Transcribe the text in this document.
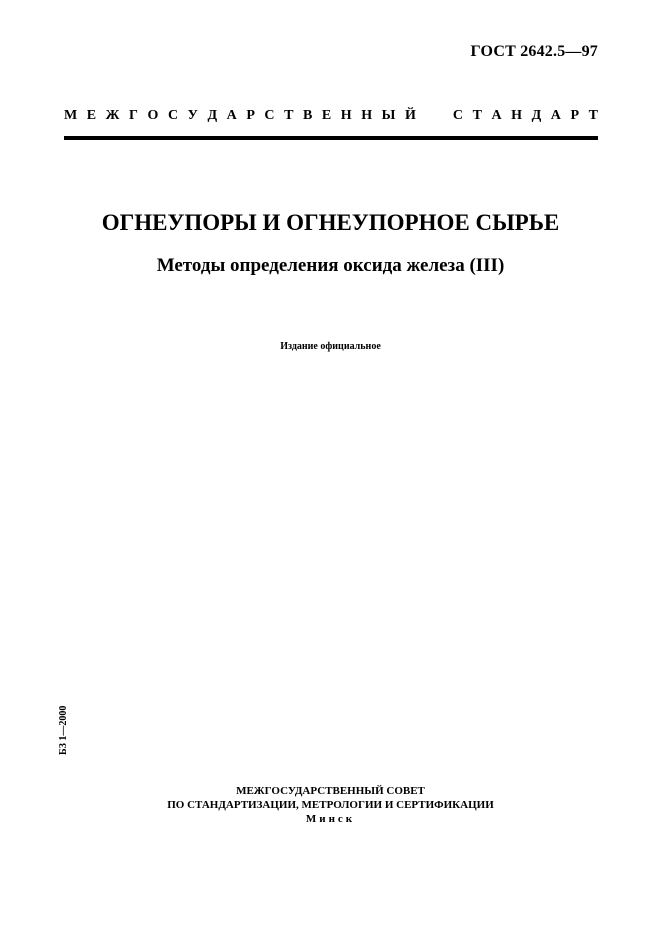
ГОСТ 2642.5—97
М Е Ж Г О С У Д А Р С Т В Е Н Н Ы Й	С Т А Н Д А Р Т
ОГНЕУПОРЫ И ОГНЕУПОРНОЕ СЫРЬЕ
Методы определения оксида железа (III)
Издание официальное
БЗ 1—2000
МЕЖГОСУДАРСТВЕННЫЙ СОВЕТ
ПО СТАНДАРТИЗАЦИИ, МЕТРОЛОГИИ И СЕРТИФИКАЦИИ
Минск
